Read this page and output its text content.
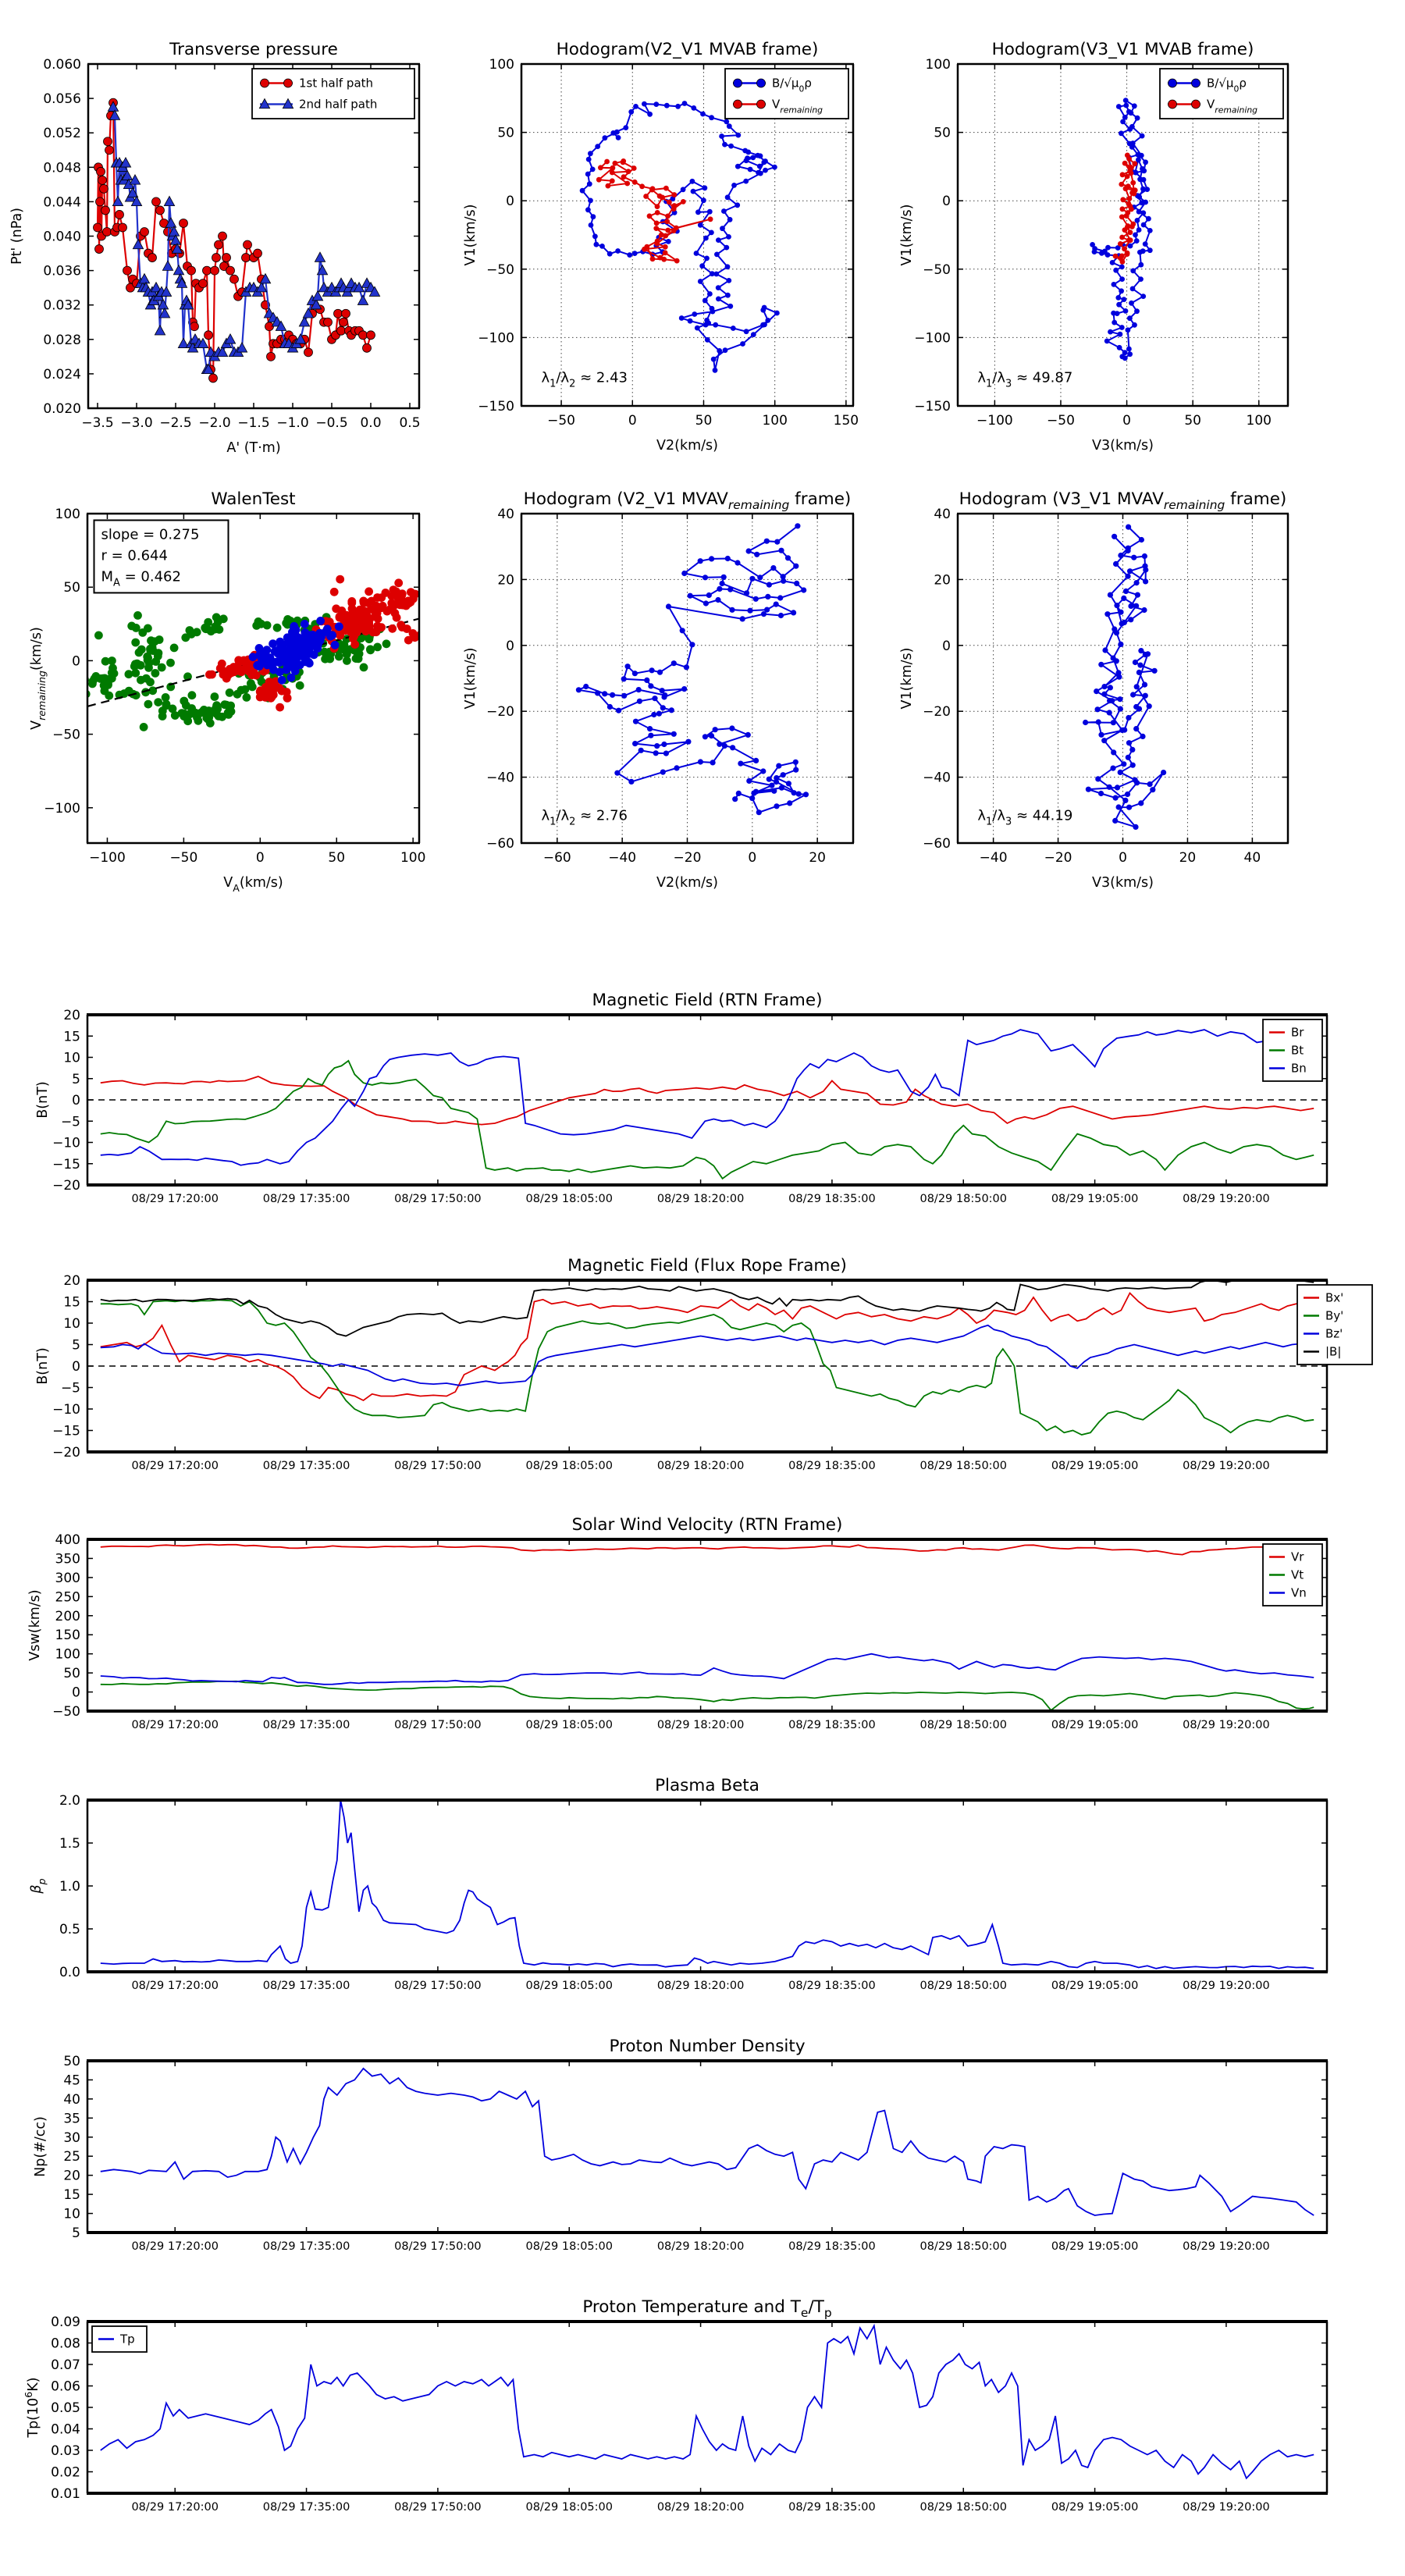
−3.5 −3.0 −2.5 −2.0 −1.5 −1.0 −0.5 0.0 0.5
0.020
0.024
0.028
0.032
0.036
0.040
0.044
0.048
0.052
0.056
0.060
Transverse pressure
A' (T·m)
Pt' (nPa)
1st half path
2nd half path
−50	0	50	100	150
−150
−100
−50
0
50
100
Hodogram(V2_V1 MVAB frame)
V2(km/s)
V1(km/s)
$B/√\mu_0\rho$
$V_{remaining}$
$\lambda_1/\lambda_2 \approx 2.43$
−100	−50	0	50	100
−150
−100
−50
0
50
100
Hodogram(V3_V1 MVAB frame)
V3(km/s)
V1(km/s)
$B/√\mu_0\rho$
$V_{remaining}$
$\lambda_1/\lambda_3 \approx 49.87$
−100	−50	0	50	100
−100
−50
0
50
100
WalenTest
$V_A(km/s)$
$V_{remaining}(km/s)$
slope = 0.275
r = 0.644
$M_A = 0.462$
−60	−40	−20	0	20
−60
−40
−20
0
20
40
Hodogram (V2_V1 $MVAV_{remaining}$ frame)
V2(km/s)
V1(km/s)
$\lambda_1/\lambda_2 \approx 2.76$
−40	−20	0	20	40
−60
−40
−20
0
20
40
Hodogram (V3_V1 $MVAV_{remaining}$ frame)
V3(km/s)
V1(km/s)
$\lambda_1/\lambda_3 \approx 44.19$
08/29 17:20:00	08/29 17:35:00	08/29 17:50:00	08/29 18:05:00	08/29 18:20:00	08/29 18:35:00	08/29 18:50:00	08/29 19:05:00	08/29 19:20:00
−20
−15
−10
−5
0
5
10
15
20
Magnetic Field (RTN Frame)
B(nT)
Br
Bt
Bn
08/29 17:20:00	08/29 17:35:00	08/29 17:50:00	08/29 18:05:00	08/29 18:20:00	08/29 18:35:00	08/29 18:50:00	08/29 19:05:00	08/29 19:20:00
−20
−15
−10
−5
0
5
10
15
20
Magnetic Field (Flux Rope Frame)
B(nT)
Bx'
By'
Bz'
|B|
08/29 17:20:00	08/29 17:35:00	08/29 17:50:00	08/29 18:05:00	08/29 18:20:00	08/29 18:35:00	08/29 18:50:00	08/29 19:05:00	08/29 19:20:00
−50
0
50
100
150
200
250
300
350
400
Solar Wind Velocity (RTN Frame)
Vsw(km/s)
Vr
Vt
Vn
08/29 17:20:00	08/29 17:35:00	08/29 17:50:00	08/29 18:05:00	08/29 18:20:00	08/29 18:35:00	08/29 18:50:00	08/29 19:05:00	08/29 19:20:00
0.0
0.5
1.0
1.5
2.0
Plasma Beta
$\beta_p$
08/29 17:20:00	08/29 17:35:00	08/29 17:50:00	08/29 18:05:00	08/29 18:20:00	08/29 18:35:00	08/29 18:50:00	08/29 19:05:00	08/29 19:20:00
5
10
15
20
25
30
35
40
45
50
Proton Number Density
Np(#/cc)
08/29 17:20:00	08/29 17:35:00	08/29 17:50:00	08/29 18:05:00	08/29 18:20:00	08/29 18:35:00	08/29 18:50:00	08/29 19:05:00	08/29 19:20:00
0.01
0.02
0.03
0.04
0.05
0.06
0.07
0.08
0.09
Proton Temperature and $T_e/T_p$
$Tp(10^6K)$
Tp
